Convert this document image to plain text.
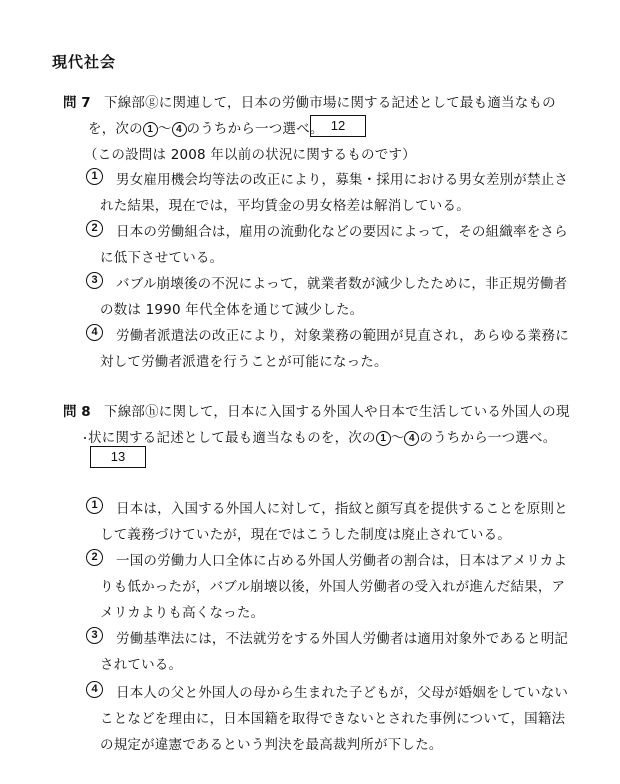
現代社会
問 7 下線部ⓖに関連して，日本の労働市場に関する記述として最も適当なもの
を，次の 1 ～ 4 のうちから一つ選べ。 12
（この設問は 2008 年以前の状況に関するものです）
1	男女雇用機会均等法の改正により，募集・採用における男女差別が禁止さ
れた結果，現在では，平均賃金の男女格差は解消している。
2	日本の労働組合は，雇用の流動化などの要因によって，その組織率をさら
に低下させている。
3	バブル崩壊後の不況によって，就業者数が減少したために，非正規労働者
の数は 1990 年代全体を通じて減少した。
4	労働者派遣法の改正により，対象業務の範囲が見直され，あらゆる業務に
対して労働者派遣を行うことが可能になった。
問 8 下線部ⓗに関して，日本に入国する外国人や日本で生活している外国人の現
状に関する記述として最も適当なものを，次の 1 ～ 4 のうちから一つ選べ。
13
1	日本は，入国する外国人に対して，指紋と顔写真を提供することを原則と
して義務づけていたが，現在ではこうした制度は廃止されている。
2	一国の労働力人口全体に占める外国人労働者の割合は，日本はアメリカよ
りも低かったが，バブル崩壊以後，外国人労働者の受入れが進んだ結果，ア
メリカよりも高くなった。
3	労働基準法には，不法就労をする外国人労働者は適用対象外であると明記
されている。
4	日本人の父と外国人の母から生まれた子どもが，父母が婚姻をしていない
ことなどを理由に，日本国籍を取得できないとされた事例について，国籍法
の規定が違憲であるという判決を最高裁判所が下した。
